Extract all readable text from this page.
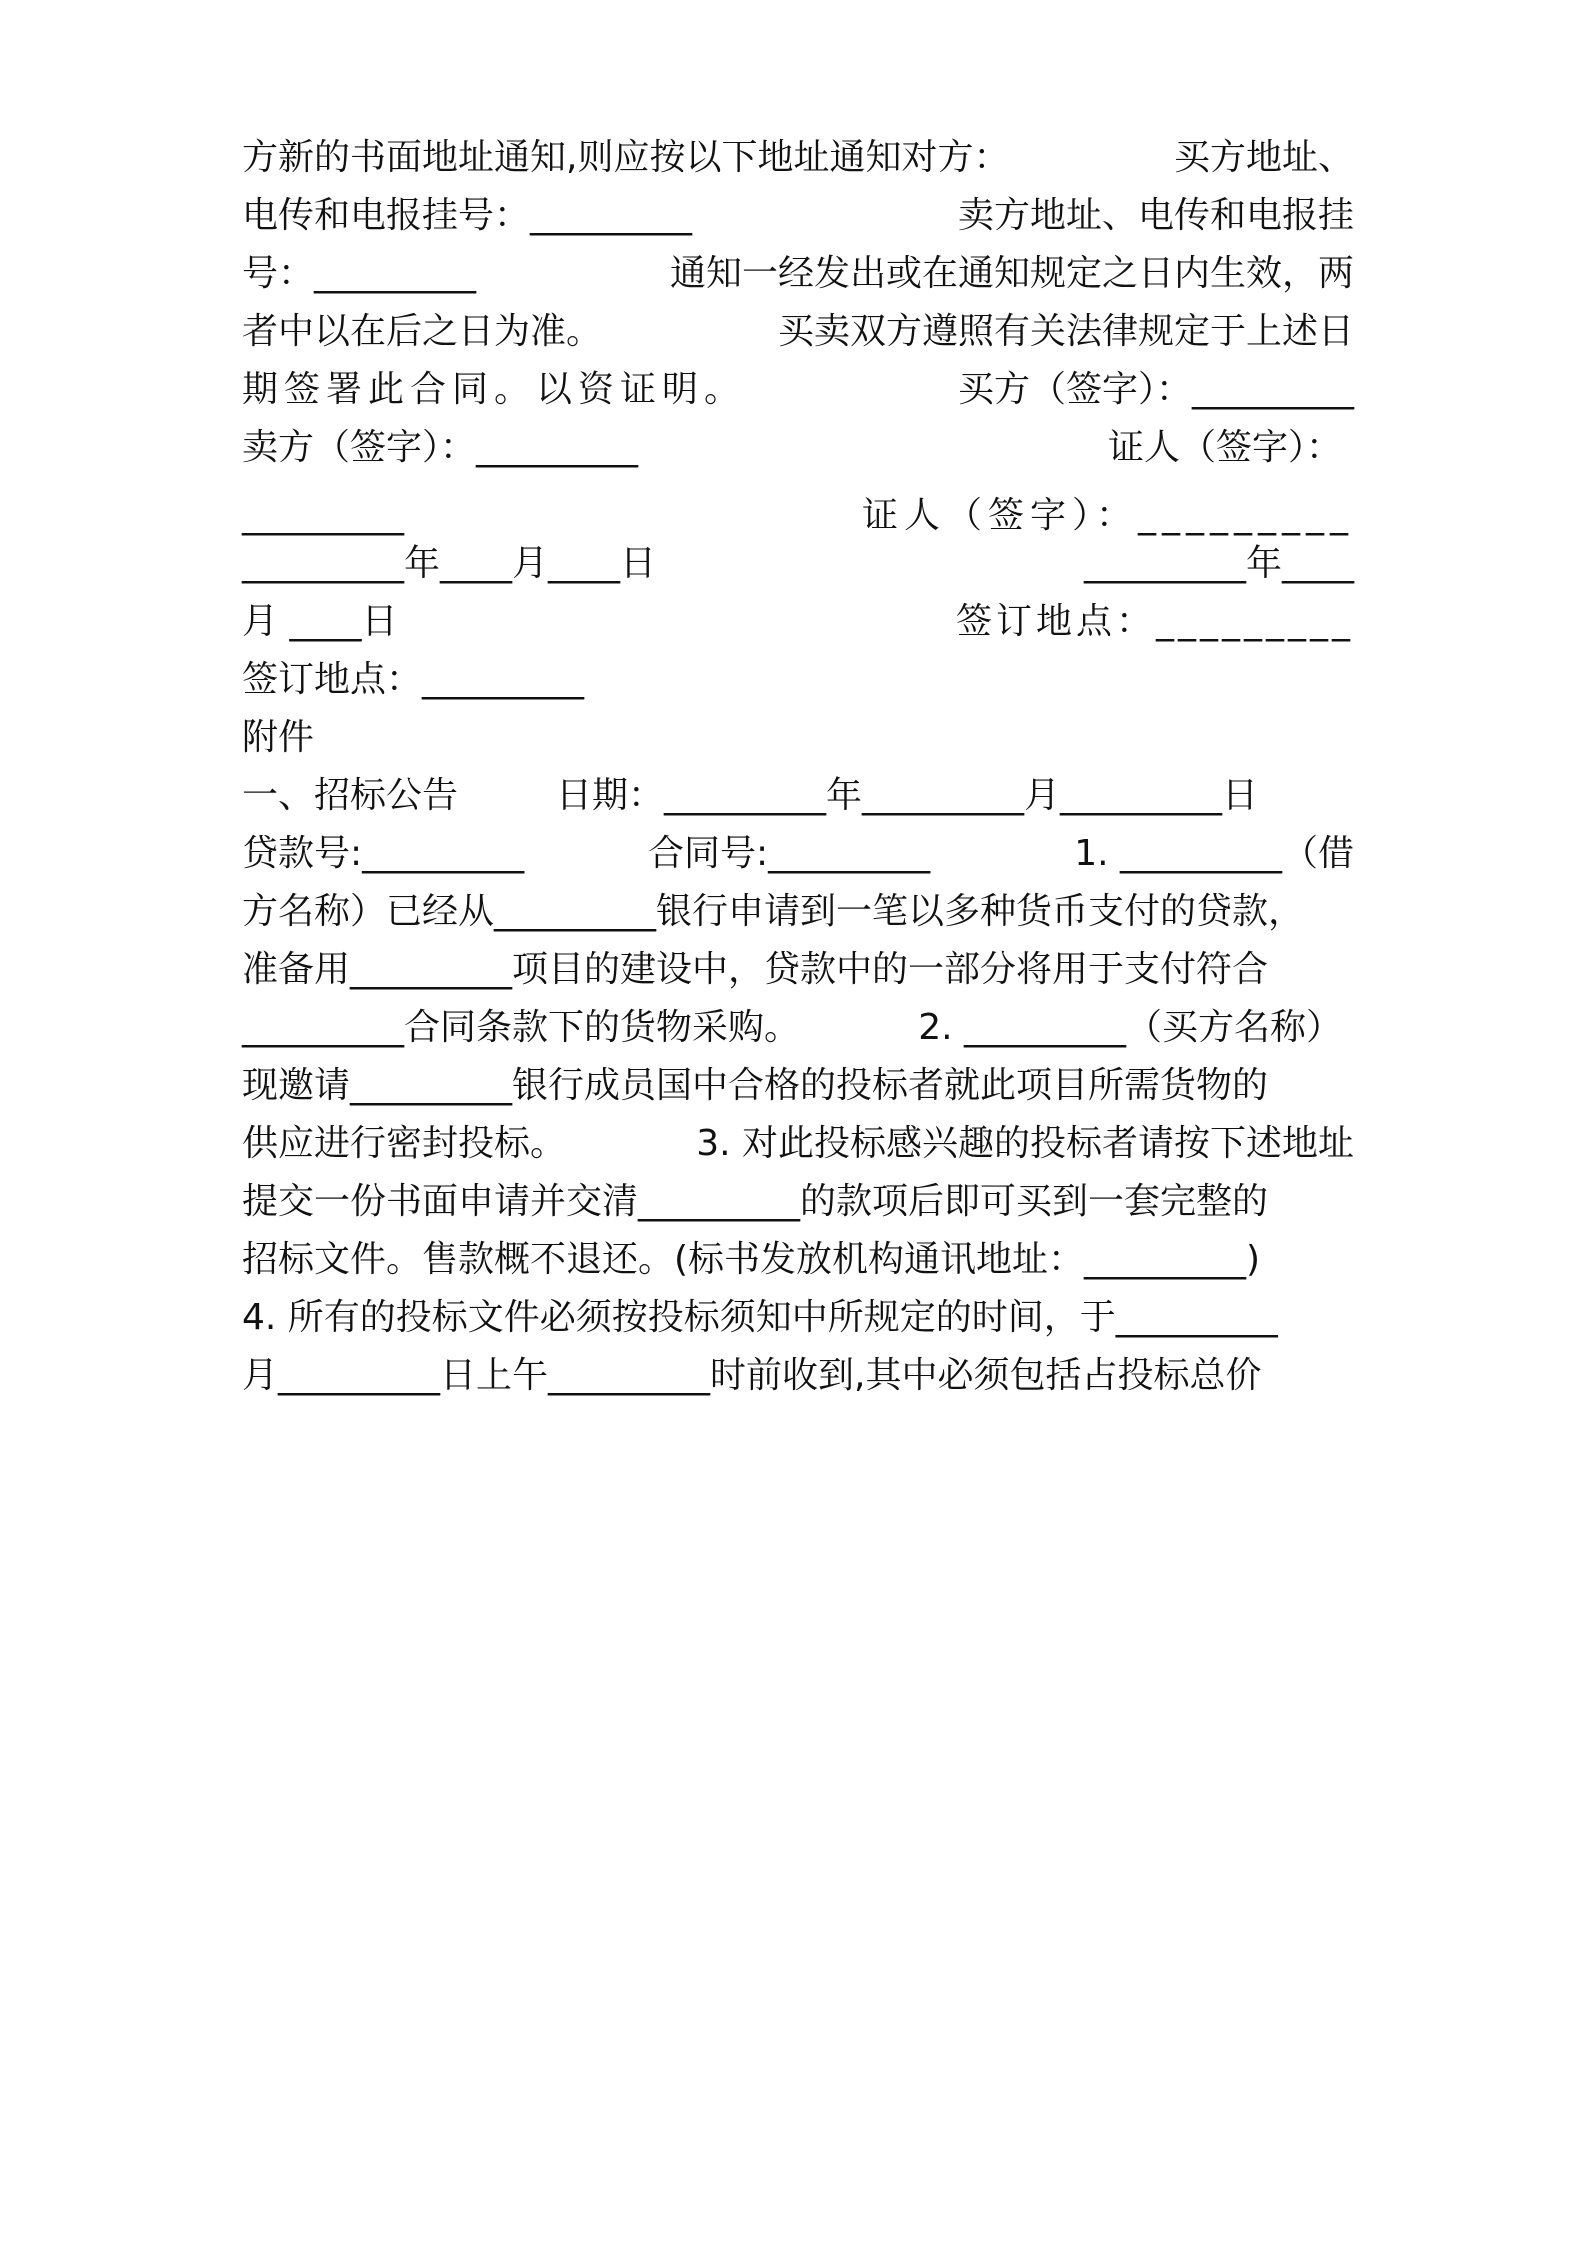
方新的书面地址通知,则应按以下地址通知对方：	买方地址、
电传和电报挂号：_________	卖方地址、电传和电报挂
号：_________	通知一经发出或在通知规定之日内生效，两
者中以在后之日为准。	买卖双方遵照有关法律规定于上述日
期签署此合同。以资证明。	买方（签字）：_________
卖方（签字）：_________	证人（签字）：
_________	证人（签字）：_________
_________年____月____日	_________年____
月 ____日	签订地点：_________
签订地点：_________
附件
一、招标公告	日期：_________年_________月_________日
贷款号:_________	合同号:_________	1. _________（借
方名称）已经从_________银行申请到一笔以多种货币支付的贷款，
准备用_________项目的建设中，贷款中的一部分将用于支付符合
_________合同条款下的货物采购。	2. _________（买方名称）
现邀请_________银行成员国中合格的投标者就此项目所需货物的
供应进行密封投标。	3. 对此投标感兴趣的投标者请按下述地址
提交一份书面申请并交清_________的款项后即可买到一套完整的
招标文件。售款概不退还。(标书发放机构通讯地址：_________)
4. 所有的投标文件必须按投标须知中所规定的时间，于_________
月_________日上午_________时前收到,其中必须包括占投标总价
